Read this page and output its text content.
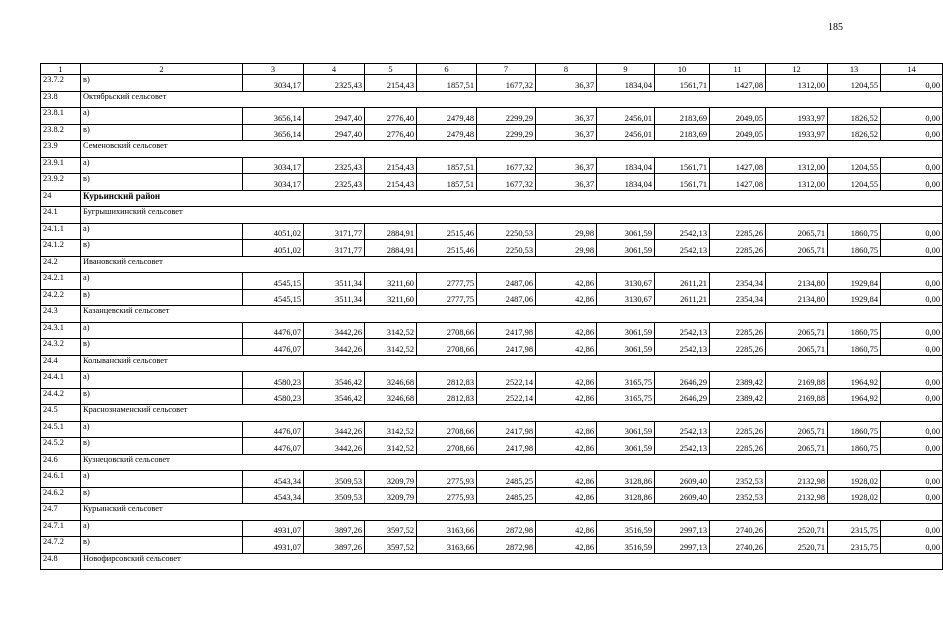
185
1	2	3	4	5	6	7	8	9	10	11	12	13	14
23.7.2	в)	3034,17	2325,43	2154,43	1857,51	1677,32	36,37	1834,04	1561,71	1427,08	1312,00	1204,55	0,00
23.8	Октябрьский сельсовет												
23.8.1	а)	3656,14	2947,40	2776,40	2479,48	2299,29	36,37	2456,01	2183,69	2049,05	1933,97	1826,52	0,00
23.8.2	в)	3656,14	2947,40	2776,40	2479,48	2299,29	36,37	2456,01	2183,69	2049,05	1933,97	1826,52	0,00
23.9	Семеновский сельсовет												
23.9.1	а)	3034,17	2325,43	2154,43	1857,51	1677,32	36,37	1834,04	1561,71	1427,08	1312,00	1204,55	0,00
23.9.2	в)	3034,17	2325,43	2154,43	1857,51	1677,32	36,37	1834,04	1561,71	1427,08	1312,00	1204,55	0,00
24	Курьинский район												
24.1	Бугрышихинский сельсовет												
24.1.1	а)	4051,02	3171,77	2884,91	2515,46	2250,53	29,98	3061,59	2542,13	2285,26	2065,71	1860,75	0,00
24.1.2	в)	4051,02	3171,77	2884,91	2515,46	2250,53	29,98	3061,59	2542,13	2285,26	2065,71	1860,75	0,00
24.2	Ивановский сельсовет												
24.2.1	а)	4545,15	3511,34	3211,60	2777,75	2487,06	42,86	3130,67	2611,21	2354,34	2134,80	1929,84	0,00
24.2.2	в)	4545,15	3511,34	3211,60	2777,75	2487,06	42,86	3130,67	2611,21	2354,34	2134,80	1929,84	0,00
24.3	Казанцевский сельсовет												
24.3.1	а)	4476,07	3442,26	3142,52	2708,66	2417,98	42,86	3061,59	2542,13	2285,26	2065,71	1860,75	0,00
24.3.2	в)	4476,07	3442,26	3142,52	2708,66	2417,98	42,86	3061,59	2542,13	2285,26	2065,71	1860,75	0,00
24.4	Колыванский сельсовет												
24.4.1	а)	4580,23	3546,42	3246,68	2812,83	2522,14	42,86	3165,75	2646,29	2389,42	2169,88	1964,92	0,00
24.4.2	в)	4580,23	3546,42	3246,68	2812,83	2522,14	42,86	3165,75	2646,29	2389,42	2169,88	1964,92	0,00
24.5	Краснознаменский сельсовет												
24.5.1	а)	4476,07	3442,26	3142,52	2708,66	2417,98	42,86	3061,59	2542,13	2285,26	2065,71	1860,75	0,00
24.5.2	в)	4476,07	3442,26	3142,52	2708,66	2417,98	42,86	3061,59	2542,13	2285,26	2065,71	1860,75	0,00
24.6	Кузнецовский сельсовет												
24.6.1	а)	4543,34	3509,53	3209,79	2775,93	2485,25	42,86	3128,86	2609,40	2352,53	2132,98	1928,02	0,00
24.6.2	в)	4543,34	3509,53	3209,79	2775,93	2485,25	42,86	3128,86	2609,40	2352,53	2132,98	1928,02	0,00
24.7	Курьинский сельсовет												
24.7.1	а)	4931,07	3897,26	3597,52	3163,66	2872,98	42,86	3516,59	2997,13	2740,26	2520,71	2315,75	0,00
24.7.2	в)	4931,07	3897,26	3597,52	3163,66	2872,98	42,86	3516,59	2997,13	2740,26	2520,71	2315,75	0,00
24.8	Новофирсовский сельсовет												
